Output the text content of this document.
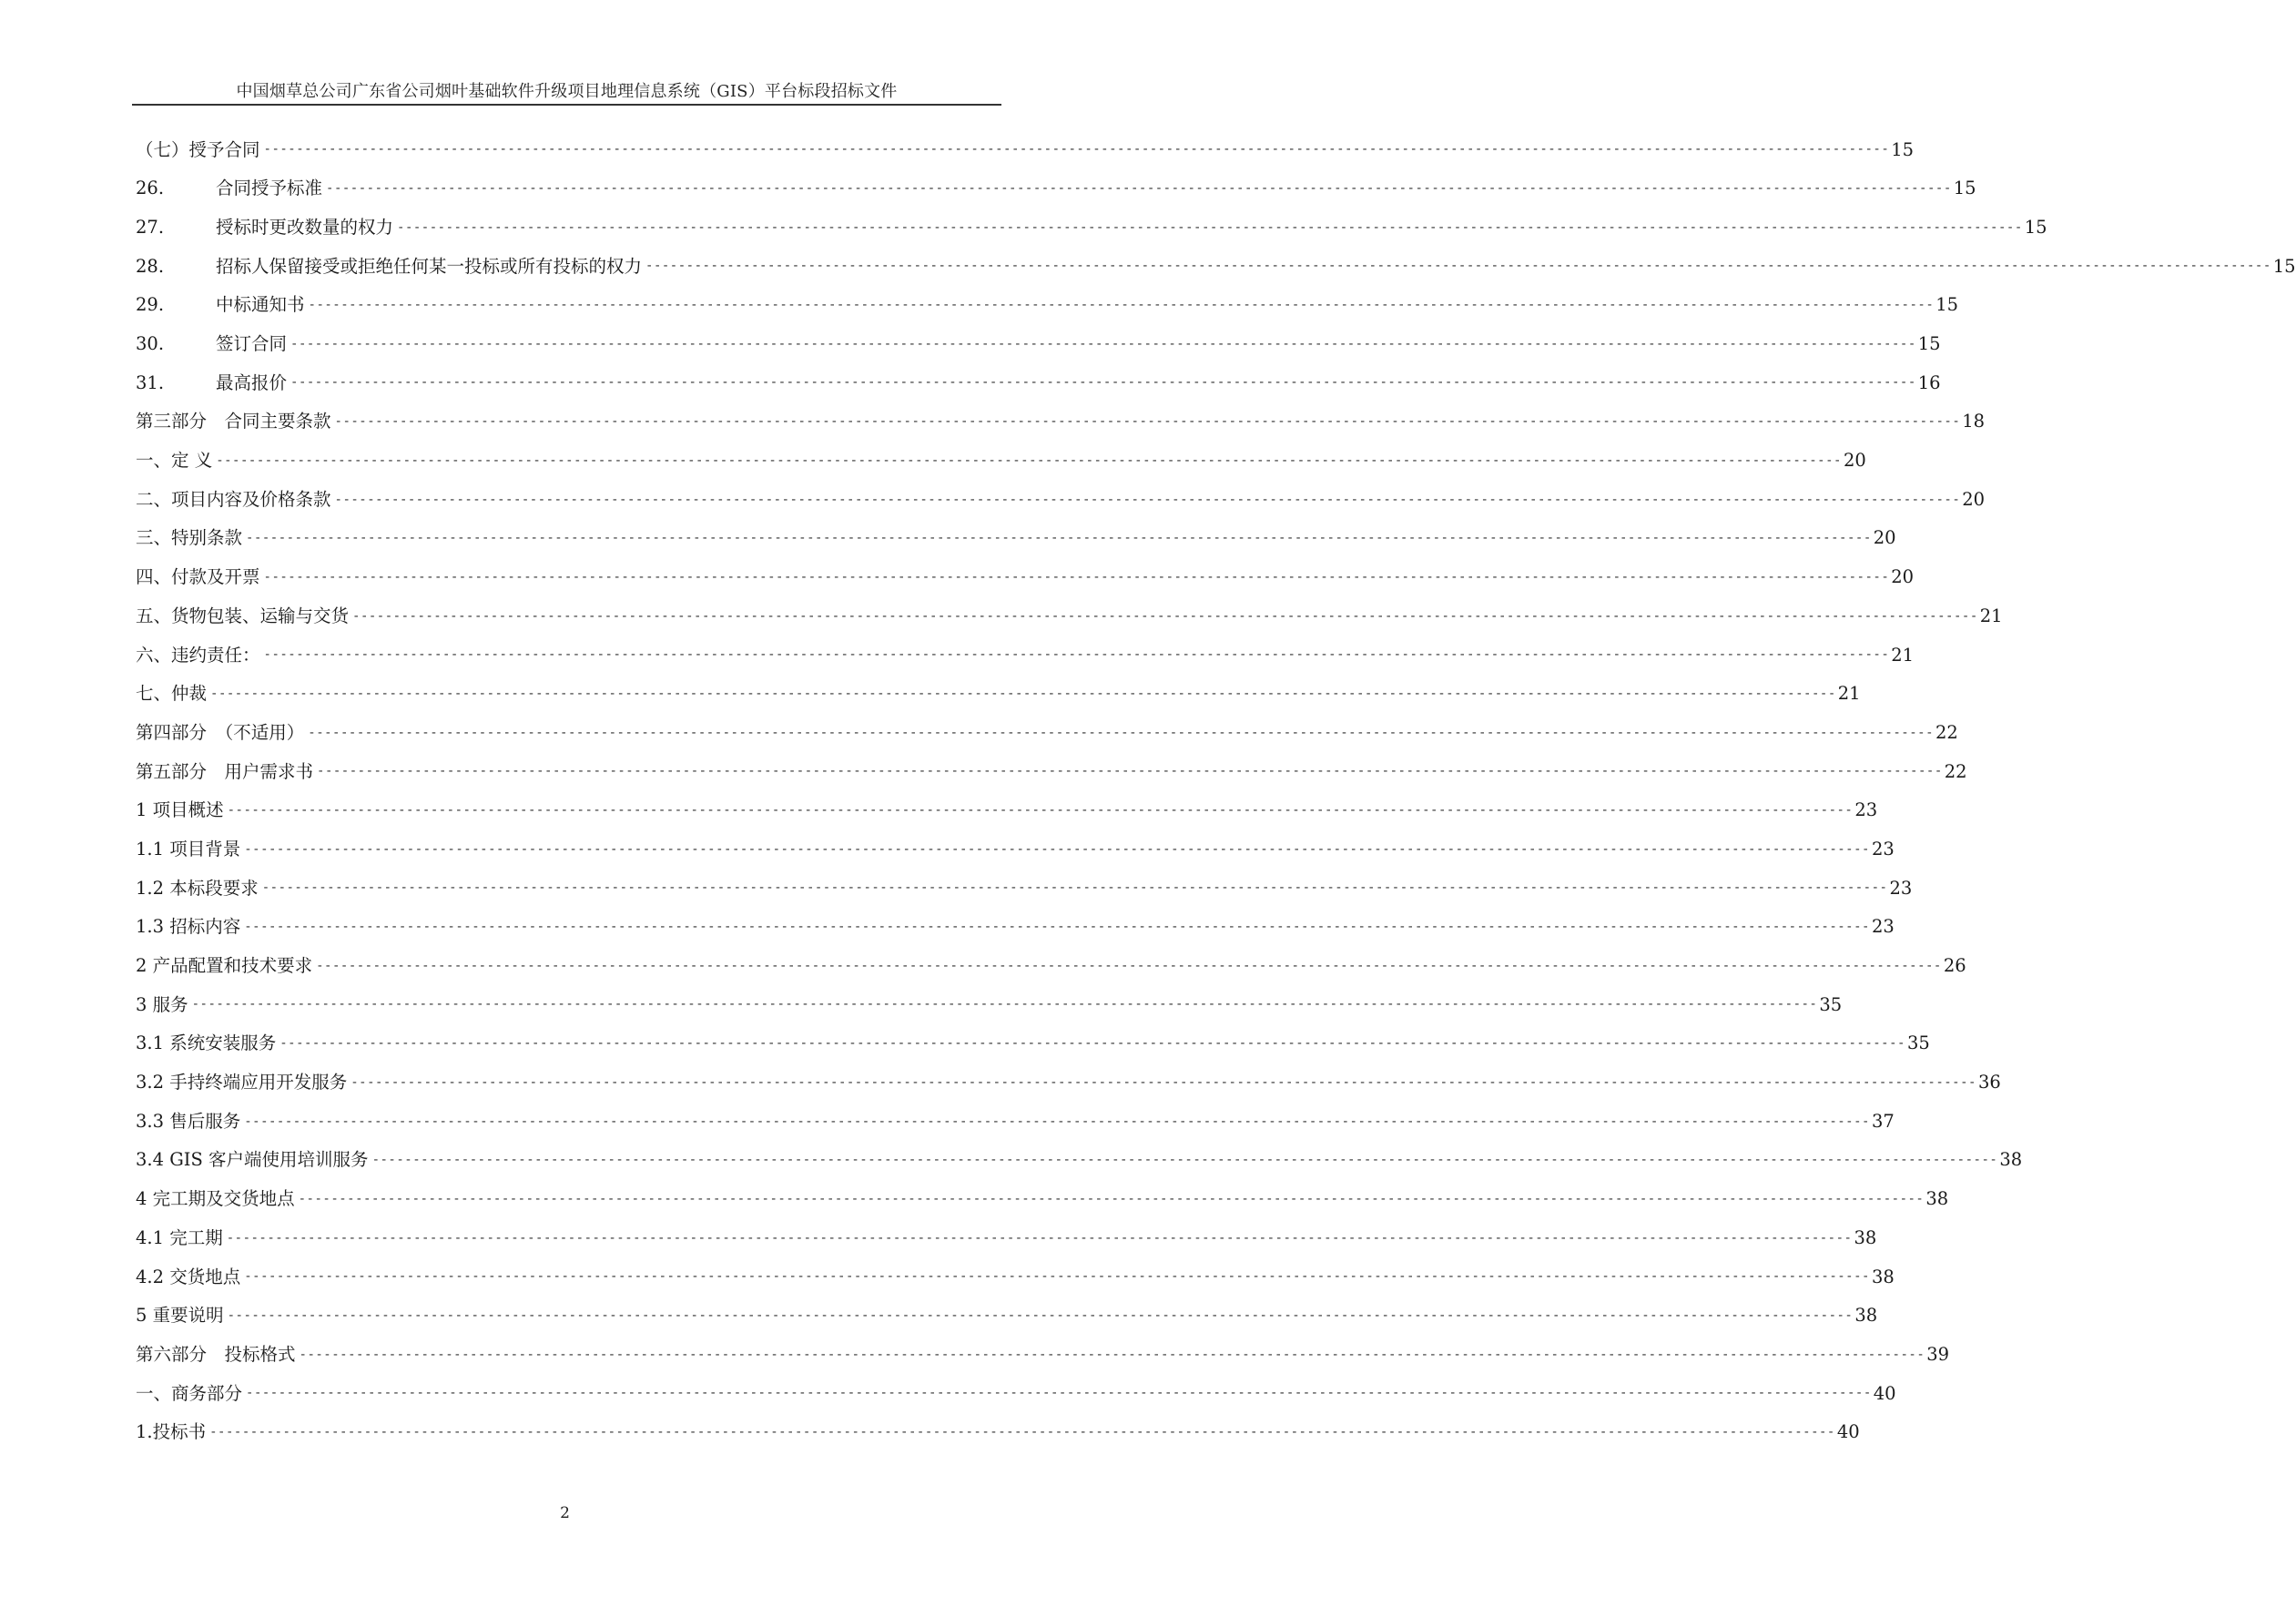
中国烟草总公司广东省公司烟叶基础软件升级项目地理信息系统（GIS）平台标段招标文件
（七）授予合同 -------------------------------------------------------------------------------------------------------------------------------------------------------------------------------------------------------- 15
26.	合同授予标准 -------------------------------------------------------------------------------------------------------------------------------------------------------------------------------------------------------- 15
27.	授标时更改数量的权力 -------------------------------------------------------------------------------------------------------------------------------------------------------------------------------------------------------- 15
28.	招标人保留接受或拒绝任何某一投标或所有投标的权力 -------------------------------------------------------------------------------------------------------------------------------------------------------------------------------------------------------- 15
29.	中标通知书 -------------------------------------------------------------------------------------------------------------------------------------------------------------------------------------------------------- 15
30.	签订合同 -------------------------------------------------------------------------------------------------------------------------------------------------------------------------------------------------------- 15
31.	最高报价 -------------------------------------------------------------------------------------------------------------------------------------------------------------------------------------------------------- 16
第三部分　合同主要条款 -------------------------------------------------------------------------------------------------------------------------------------------------------------------------------------------------------- 18
一、定 义 -------------------------------------------------------------------------------------------------------------------------------------------------------------------------------------------------------- 20
二、项目内容及价格条款 -------------------------------------------------------------------------------------------------------------------------------------------------------------------------------------------------------- 20
三、特别条款 -------------------------------------------------------------------------------------------------------------------------------------------------------------------------------------------------------- 20
四、付款及开票 -------------------------------------------------------------------------------------------------------------------------------------------------------------------------------------------------------- 20
五、货物包装、运输与交货 -------------------------------------------------------------------------------------------------------------------------------------------------------------------------------------------------------- 21
六、违约责任： -------------------------------------------------------------------------------------------------------------------------------------------------------------------------------------------------------- 21
七、仲裁 -------------------------------------------------------------------------------------------------------------------------------------------------------------------------------------------------------- 21
第四部分　（不适用） -------------------------------------------------------------------------------------------------------------------------------------------------------------------------------------------------------- 22
第五部分　用户需求书 -------------------------------------------------------------------------------------------------------------------------------------------------------------------------------------------------------- 22
1 项目概述 -------------------------------------------------------------------------------------------------------------------------------------------------------------------------------------------------------- 23
1.1 项目背景 -------------------------------------------------------------------------------------------------------------------------------------------------------------------------------------------------------- 23
1.2 本标段要求 -------------------------------------------------------------------------------------------------------------------------------------------------------------------------------------------------------- 23
1.3 招标内容 -------------------------------------------------------------------------------------------------------------------------------------------------------------------------------------------------------- 23
2 产品配置和技术要求 -------------------------------------------------------------------------------------------------------------------------------------------------------------------------------------------------------- 26
3 服务 -------------------------------------------------------------------------------------------------------------------------------------------------------------------------------------------------------- 35
3.1 系统安装服务 -------------------------------------------------------------------------------------------------------------------------------------------------------------------------------------------------------- 35
3.2 手持终端应用开发服务 -------------------------------------------------------------------------------------------------------------------------------------------------------------------------------------------------------- 36
3.3 售后服务 -------------------------------------------------------------------------------------------------------------------------------------------------------------------------------------------------------- 37
3.4 GIS 客户端使用培训服务 -------------------------------------------------------------------------------------------------------------------------------------------------------------------------------------------------------- 38
4 完工期及交货地点 -------------------------------------------------------------------------------------------------------------------------------------------------------------------------------------------------------- 38
4.1 完工期 -------------------------------------------------------------------------------------------------------------------------------------------------------------------------------------------------------- 38
4.2 交货地点 -------------------------------------------------------------------------------------------------------------------------------------------------------------------------------------------------------- 38
5 重要说明 -------------------------------------------------------------------------------------------------------------------------------------------------------------------------------------------------------- 38
第六部分　投标格式 -------------------------------------------------------------------------------------------------------------------------------------------------------------------------------------------------------- 39
一、商务部分 -------------------------------------------------------------------------------------------------------------------------------------------------------------------------------------------------------- 40
1.投标书 -------------------------------------------------------------------------------------------------------------------------------------------------------------------------------------------------------- 40
2
